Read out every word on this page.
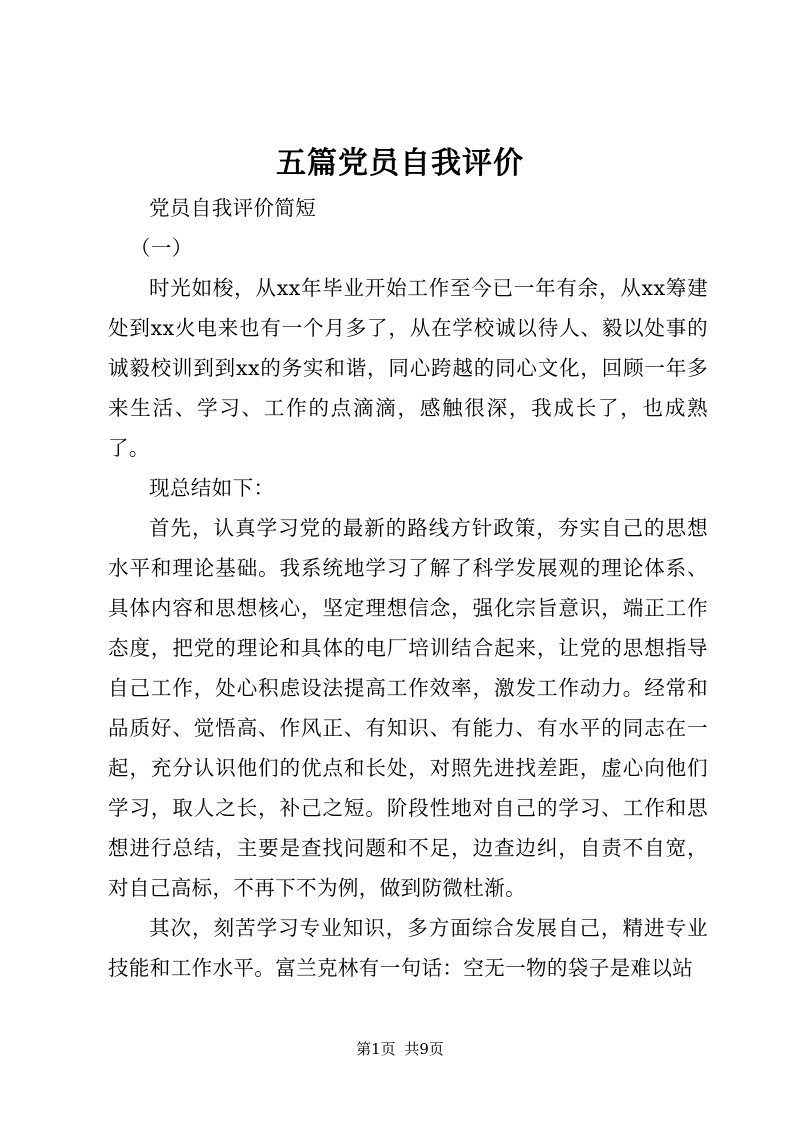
五篇党员自我评价

党员自我评价简短

（一）

时光如梭，从xx年毕业开始工作至今已一年有余，从xx筹建处到xx火电来也有一个月多了，从在学校诚以待人、毅以处事的诚毅校训到到xx的务实和谐，同心跨越的同心文化，回顾一年多来生活、学习、工作的点滴滴，感触很深，我成长了，也成熟了。

现总结如下：

首先，认真学习党的最新的路线方针政策，夯实自己的思想水平和理论基础。我系统地学习了解了科学发展观的理论体系、具体内容和思想核心，坚定理想信念，强化宗旨意识，端正工作态度，把党的理论和具体的电厂培训结合起来，让党的思想指导自己工作，处心积虑设法提高工作效率，激发工作动力。经常和品质好、觉悟高、作风正、有知识、有能力、有水平的同志在一起，充分认识他们的优点和长处，对照先进找差距，虚心向他们学习，取人之长，补己之短。阶段性地对自己的学习、工作和思想进行总结，主要是查找问题和不足，边查边纠，自责不自宽，对自己高标，不再下不为例，做到防微杜渐。

其次，刻苦学习专业知识，多方面综合发展自己，精进专业技能和工作水平。富兰克林有一句话：空无一物的袋子是难以站

第1页 共9页
